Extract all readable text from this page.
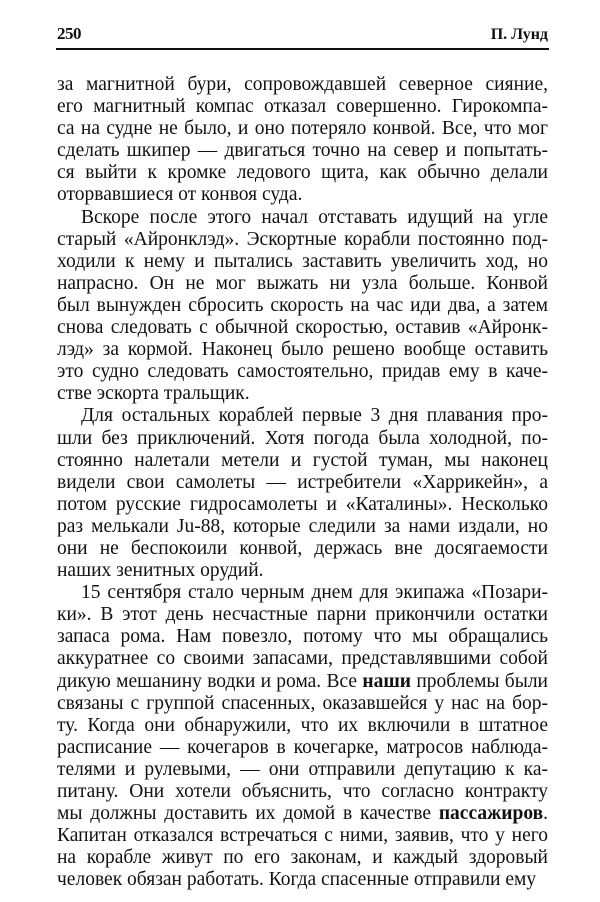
250	П. Лунд
за магнитной бури, сопровождавшей северное сияние,
его магнитный компас отказал совершенно. Гирокомпа-
са на судне не было, и оно потеряло конвой. Все, что мог
сделать шкипер — двигаться точно на север и попытать-
ся выйти к кромке ледового щита, как обычно делали
оторвавшиеся от конвоя суда.
Вскоре после этого начал отставать идущий на угле
старый «Айронклэд». Эскортные корабли постоянно под-
ходили к нему и пытались заставить увеличить ход, но
напрасно. Он не мог выжать ни узла больше. Конвой
был вынужден сбросить скорость на час иди два, а затем
снова следовать с обычной скоростью, оставив «Айронк-
лэд» за кормой. Наконец было решено вообще оставить
это судно следовать самостоятельно, придав ему в каче-
стве эскорта тральщик.
Для остальных кораблей первые 3 дня плавания про-
шли без приключений. Хотя погода была холодной, по-
стоянно налетали метели и густой туман, мы наконец
видели свои самолеты — истребители «Харрикейн», а
потом русские гидросамолеты и «Каталины». Несколько
раз мелькали Ju-88, которые следили за нами издали, но
они не беспокоили конвой, держась вне досягаемости
наших зенитных орудий.
15 сентября стало черным днем для экипажа «Позари-
ки». В этот день несчастные парни прикончили остатки
запаса рома. Нам повезло, потому что мы обращались
аккуратнее со своими запасами, представлявшими собой
дикую мешанину водки и рома. Все наши проблемы были
связаны с группой спасенных, оказавшейся у нас на бор-
ту. Когда они обнаружили, что их включили в штатное
расписание — кочегаров в кочегарке, матросов наблюда-
телями и рулевыми, — они отправили депутацию к ка-
питану. Они хотели объяснить, что согласно контракту
мы должны доставить их домой в качестве пассажиров.
Капитан отказался встречаться с ними, заявив, что у него
на корабле живут по его законам, и каждый здоровый
человек обязан работать. Когда спасенные отправили ему
